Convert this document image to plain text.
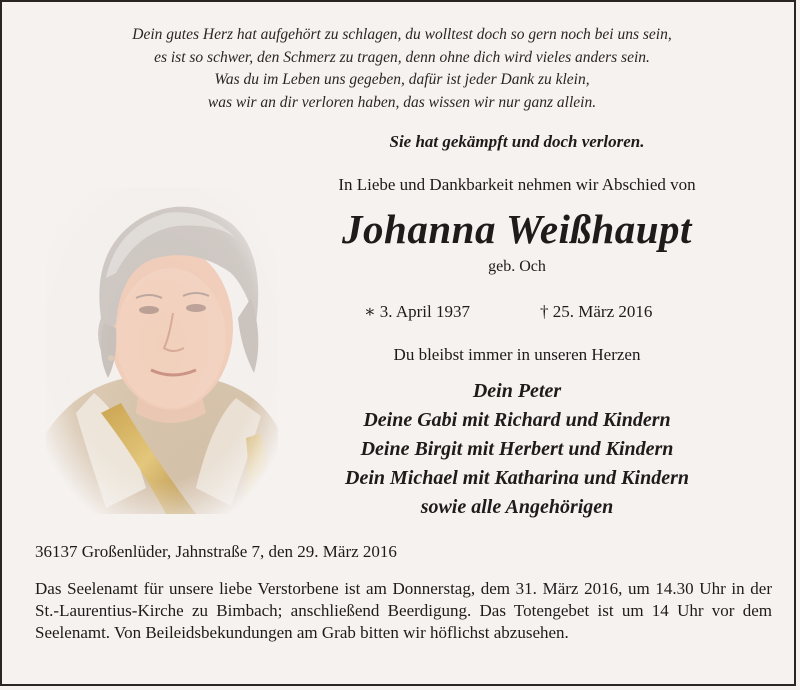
Dein gutes Herz hat aufgehört zu schlagen, du wolltest doch so gern noch bei uns sein,
es ist so schwer, den Schmerz zu tragen, denn ohne dich wird vieles anders sein.
Was du im Leben uns gegeben, dafür ist jeder Dank zu klein,
was wir an dir verloren haben, das wissen wir nur ganz allein.
Sie hat gekämpft und doch verloren.
In Liebe und Dankbarkeit nehmen wir Abschied von
Johanna Weißhaupt
geb. Och
∗ 3. April 1937	† 25. März 2016
Du bleibst immer in unseren Herzen
Dein Peter
Deine Gabi mit Richard und Kindern
Deine Birgit mit Herbert und Kindern
Dein Michael mit Katharina und Kindern
sowie alle Angehörigen
36137 Großenlüder, Jahnstraße 7, den 29. März 2016
Das Seelenamt für unsere liebe Verstorbene ist am Donnerstag, dem 31. März 2016, um 14.30 Uhr in der St.-Laurentius-Kirche zu Bimbach; anschließend Beerdigung. Das Totengebet ist um 14 Uhr vor dem Seelenamt. Von Beileidsbekundungen am Grab bitten wir höflichst abzusehen.
